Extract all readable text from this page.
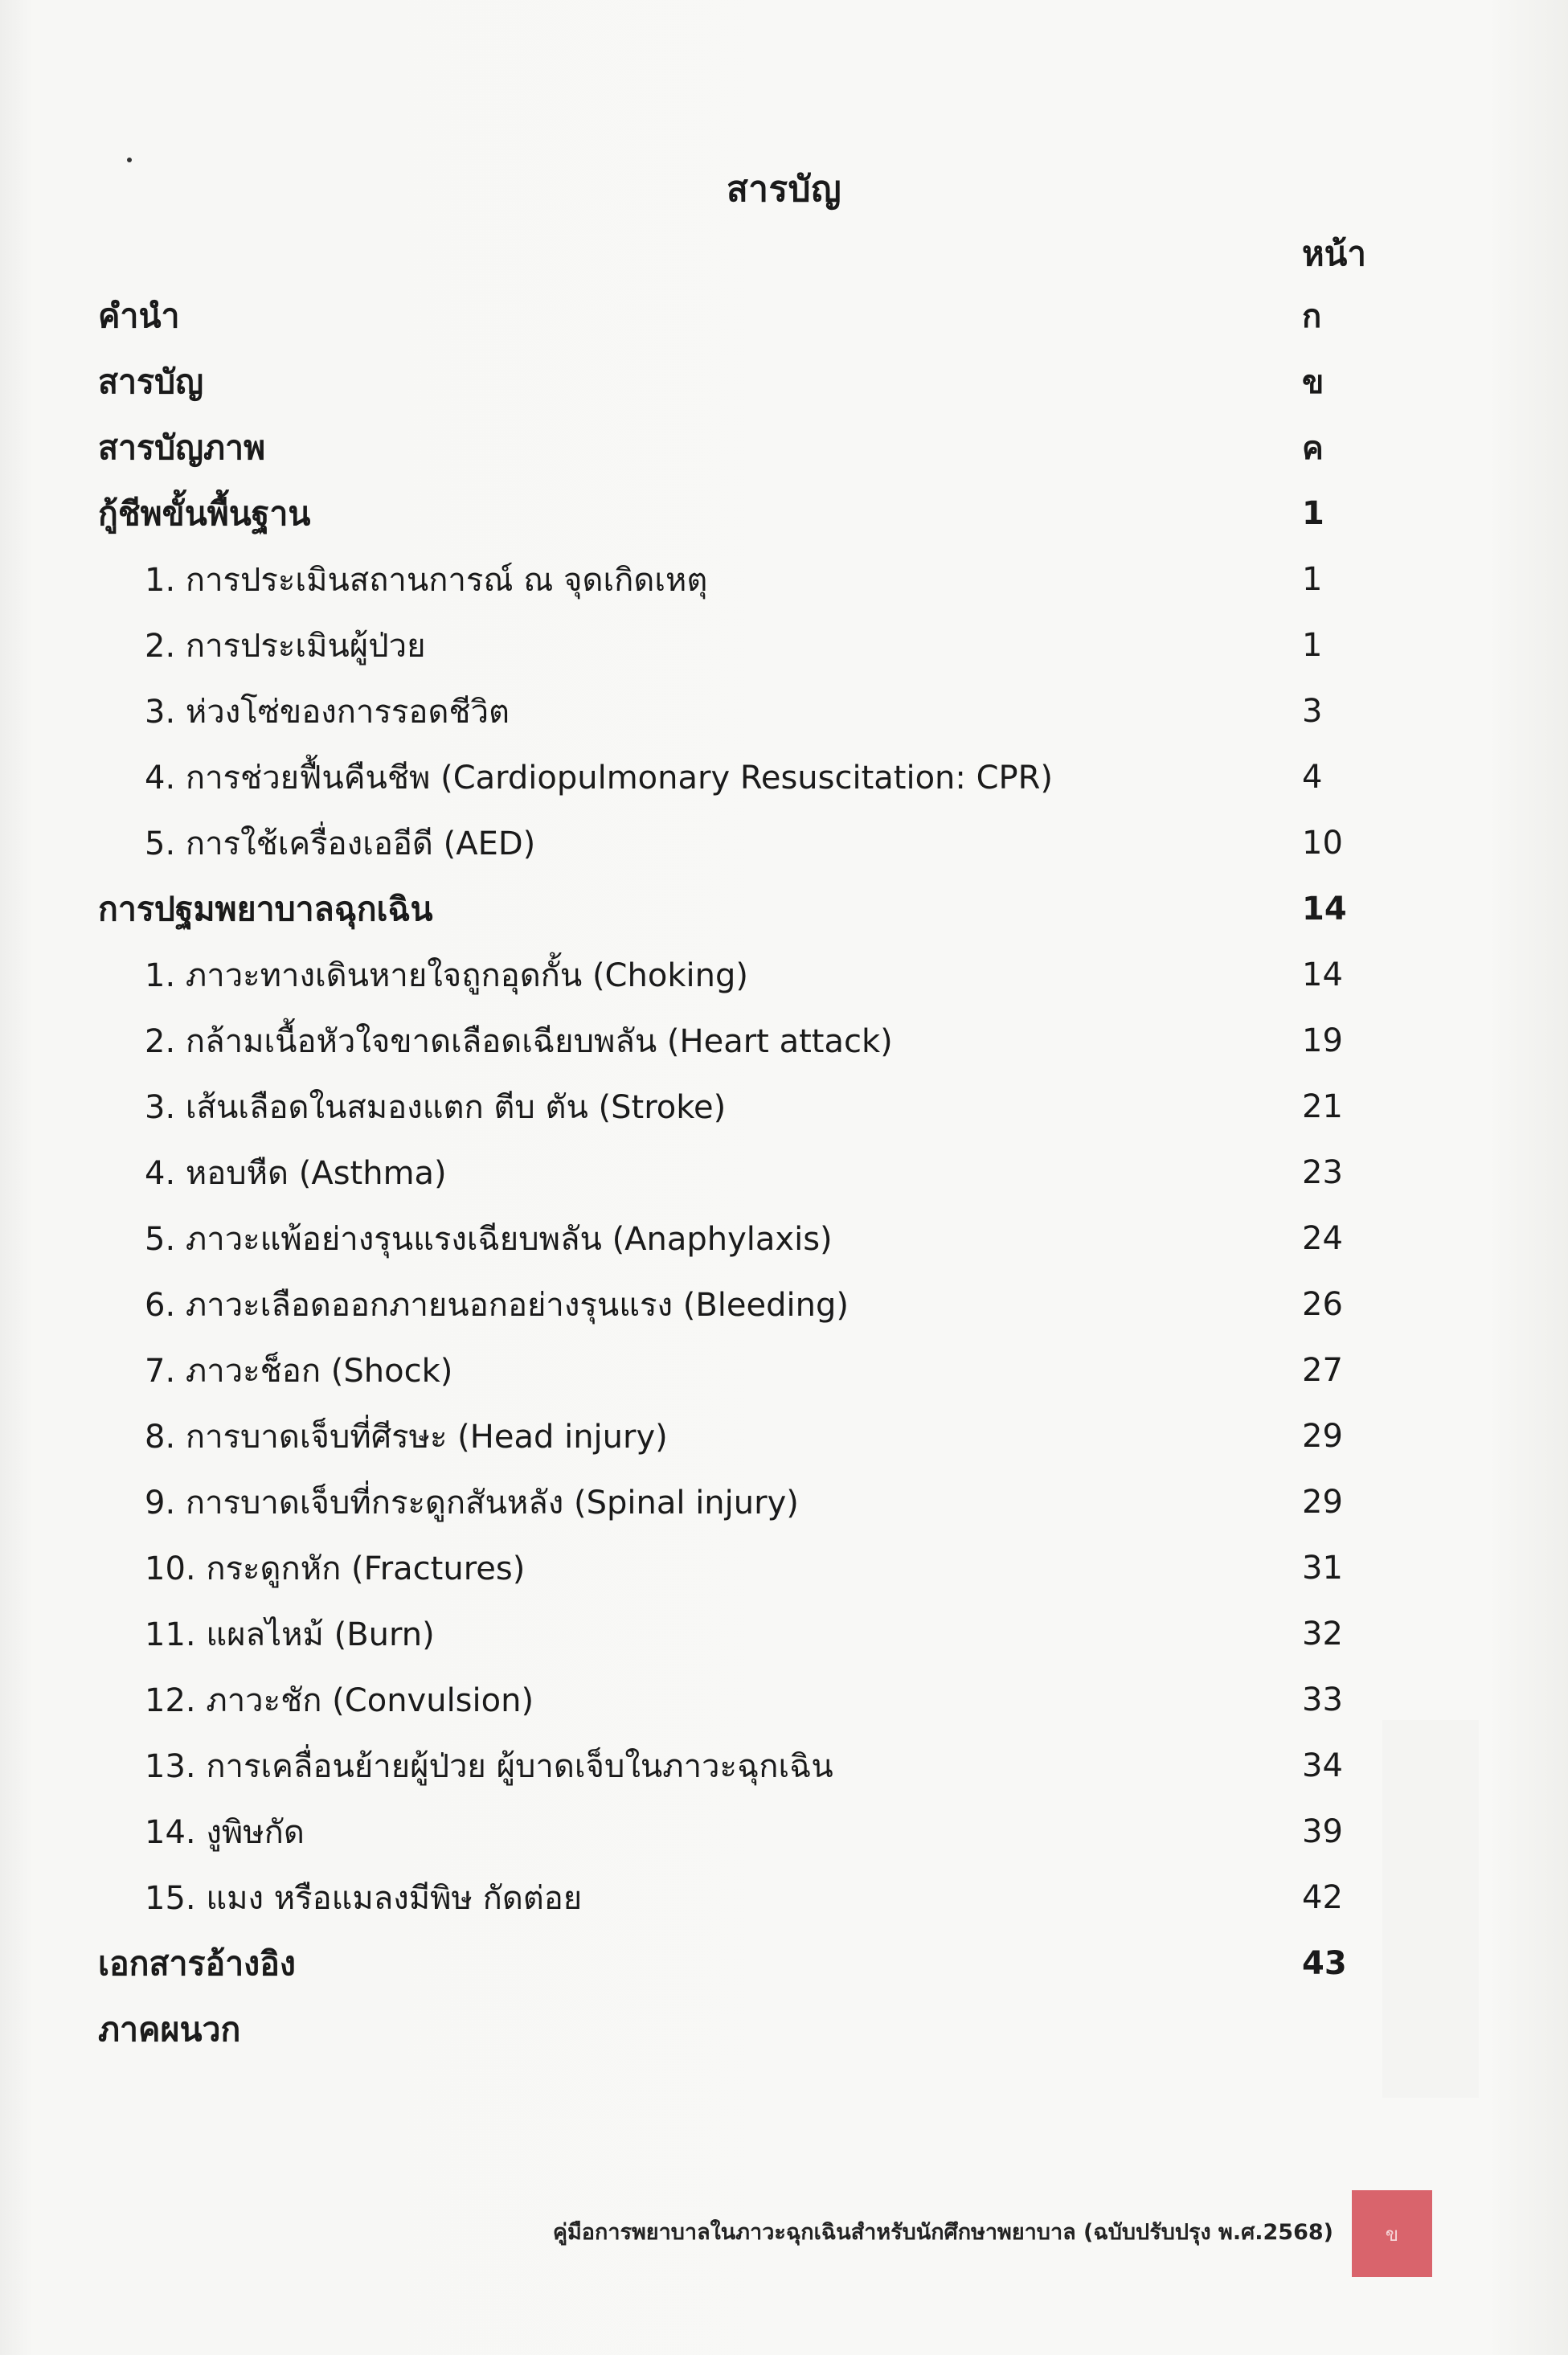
สารบัญ
หน้า
คำนำ	ก
สารบัญ	ข
สารบัญภาพ	ค
กู้ชีพขั้นพื้นฐาน	1
1. การประเมินสถานการณ์ ณ จุดเกิดเหตุ	1
2. การประเมินผู้ป่วย	1
3. ห่วงโซ่ของการรอดชีวิต	3
4. การช่วยฟื้นคืนชีพ (Cardiopulmonary Resuscitation: CPR)	4
5. การใช้เครื่องเออีดี (AED)	10
การปฐมพยาบาลฉุกเฉิน	14
1. ภาวะทางเดินหายใจถูกอุดกั้น (Choking)	14
2. กล้ามเนื้อหัวใจขาดเลือดเฉียบพลัน (Heart attack)	19
3. เส้นเลือดในสมองแตก ตีบ ตัน (Stroke)	21
4. หอบหืด (Asthma)	23
5. ภาวะแพ้อย่างรุนแรงเฉียบพลัน (Anaphylaxis)	24
6. ภาวะเลือดออกภายนอกอย่างรุนแรง (Bleeding)	26
7. ภาวะช็อก (Shock)	27
8. การบาดเจ็บที่ศีรษะ (Head injury)	29
9. การบาดเจ็บที่กระดูกสันหลัง (Spinal injury)	29
10. กระดูกหัก (Fractures)	31
11. แผลไหม้ (Burn)	32
12. ภาวะชัก (Convulsion)	33
13. การเคลื่อนย้ายผู้ป่วย ผู้บาดเจ็บในภาวะฉุกเฉิน	34
14. งูพิษกัด	39
15. แมง หรือแมลงมีพิษ กัดต่อย	42
เอกสารอ้างอิง	43
ภาคผนวก
คู่มือการพยาบาลในภาวะฉุกเฉินสำหรับนักศึกษาพยาบาล (ฉบับปรับปรุง พ.ศ.2568)	ข
